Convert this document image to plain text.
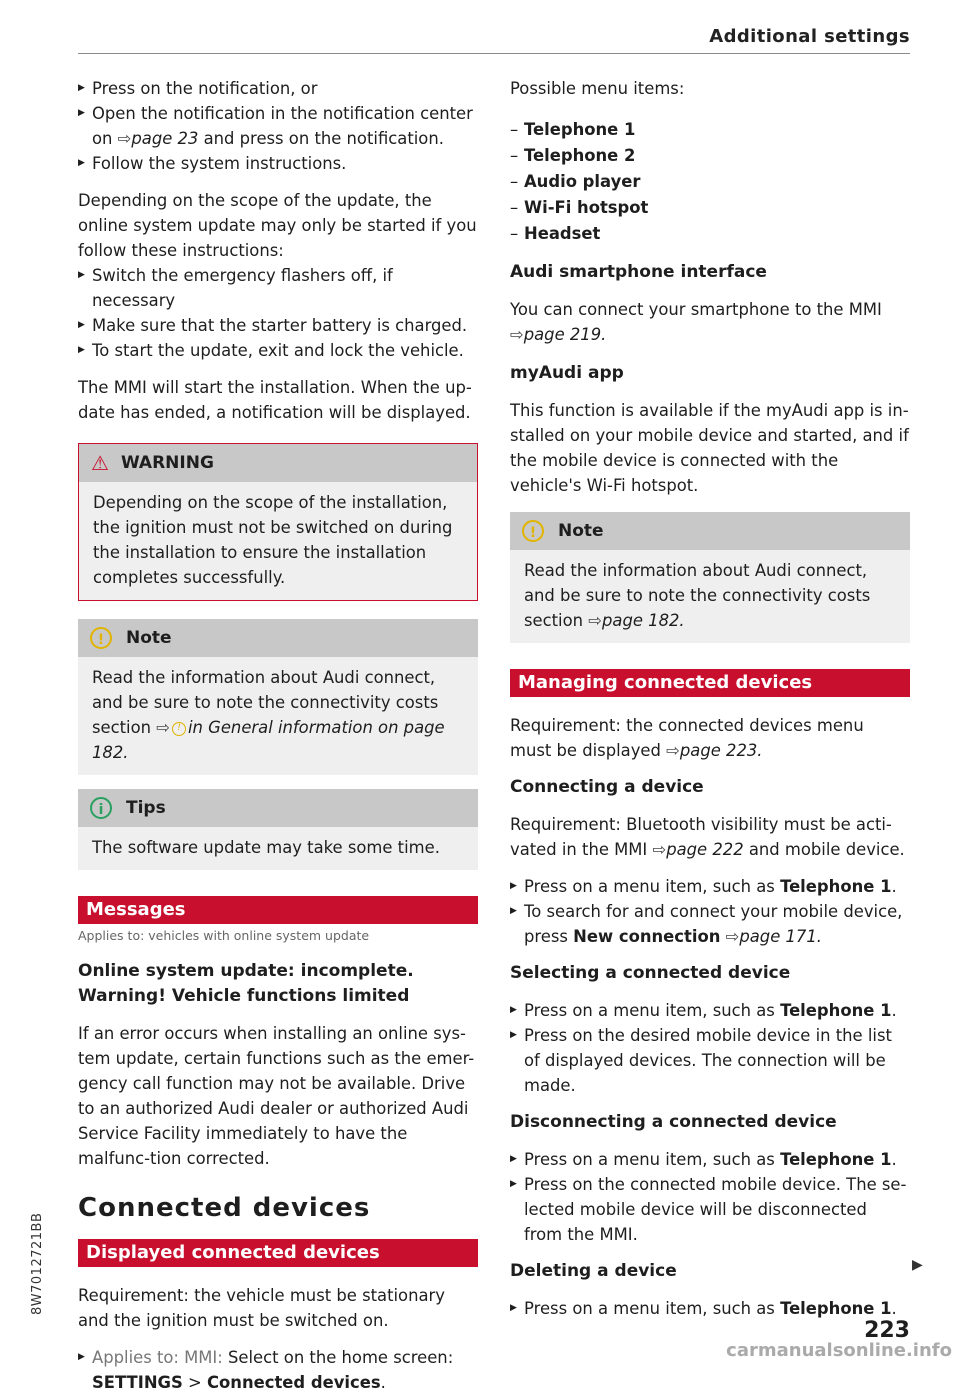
Additional settings
▶ Press on the notification, or
▶ Open the notification in the notification center on ⇨page 23 and press on the notification.
▶ Follow the system instructions.

Depending on the scope of the update, the online system update may only be started if you follow these instructions:

▶ Switch the emergency flashers off, if necessary
▶ Make sure that the starter battery is charged.
▶ To start the update, exit and lock the vehicle.

The MMI will start the installation. When the up-date has ended, a notification will be displayed.

⚠ WARNING

Depending on the scope of the installation, the ignition must not be switched on during the installation to ensure the installation completes successfully.

! Note

Read the information about Audi connect, and be sure to note the connectivity costs section ⇨ ! in General information on page 182.

i Tips

The software update may take some time.

Messages
Applies to: vehicles with online system update
Online system update: incomplete. Warning! Vehicle functions limited

If an error occurs when installing an online sys-tem update, certain functions such as the emer-gency call function may not be available. Drive to an authorized Audi dealer or authorized Audi Service Facility immediately to have the malfunc-tion corrected.

Connected devices
Displayed connected devices

Requirement: the vehicle must be stationary and the ignition must be switched on.

▶ Applies to: MMI: Select on the home screen:
SETTINGS > Connected devices.

Possible menu items:

– Telephone 1
– Telephone 2
– Audio player
– Wi-Fi hotspot
– Headset
Audi smartphone interface

You can connect your smartphone to the MMI
⇨page 219.

myAudi app

This function is available if the myAudi app is in-stalled on your mobile device and started, and if the mobile device is connected with the vehicle's Wi-Fi hotspot.

! Note

Read the information about Audi connect, and be sure to note the connectivity costs section ⇨page 182.

Managing connected devices

Requirement: the connected devices menu must be displayed ⇨page 223.

Connecting a device

Requirement: Bluetooth visibility must be acti-vated in the MMI ⇨page 222 and mobile device.

▶ Press on a menu item, such as Telephone 1.
▶ To search for and connect your mobile device, press New connection ⇨page 171.
Selecting a connected device
▶ Press on a menu item, such as Telephone 1.
▶ Press on the desired mobile device in the list of displayed devices. The connection will be made.
Disconnecting a connected device
▶ Press on a menu item, such as Telephone 1.
▶ Press on the connected mobile device. The se-lected mobile device will be disconnected from the MMI.
Deleting a device
▶ Press on a menu item, such as Telephone 1.
▶
223
8W7012721BB
carmanualsonline.info
